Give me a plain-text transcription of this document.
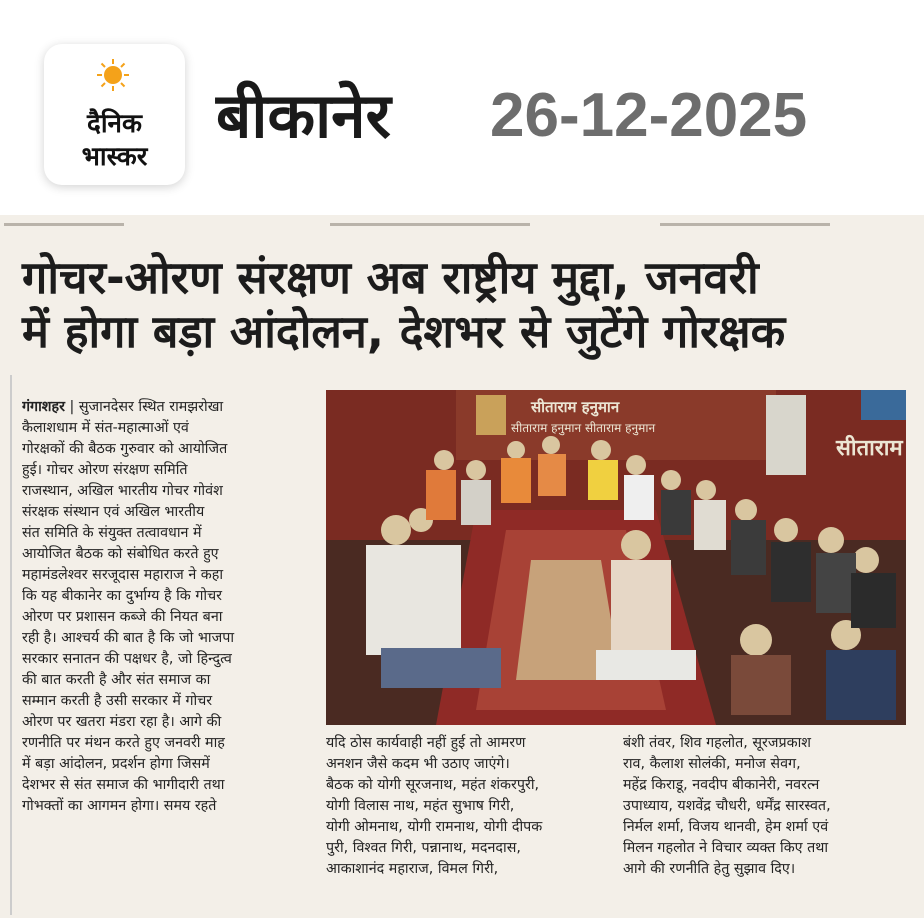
दैनिक
भास्कर
बीकानेर 26-12-2025
गोचर-ओरण संरक्षण अब राष्ट्रीय मुद्दा, जनवरी
में होगा बड़ा आंदोलन, देशभर से जुटेंगे गोरक्षक

गंगाशहर | सुजानदेसर स्थित रामझरोखा

कैलाशधाम में संत-महात्माओं एवं

गोरक्षकों की बैठक गुरुवार को आयोजित

हुई। गोचर ओरण संरक्षण समिति

राजस्थान, अखिल भारतीय गोचर गोवंश

संरक्षक संस्थान एवं अखिल भारतीय

संत समिति के संयुक्त तत्वावधान में

आयोजित बैठक को संबोधित करते हुए

महामंडलेश्वर सरजूदास महाराज ने कहा

कि यह बीकानेर का दुर्भाग्य है कि गोचर

ओरण पर प्रशासन कब्जे की नियत बना

रही है। आश्चर्य की बात है कि जो भाजपा

सरकार सनातन की पक्षधर है, जो हिन्दुत्व

की बात करती है और संत समाज का

सम्मान करती है उसी सरकार में गोचर

ओरण पर खतरा मंडरा रहा है। आगे की

रणनीति पर मंथन करते हुए जनवरी माह

में बड़ा आंदोलन, प्रदर्शन होगा जिसमें

देशभर से संत समाज की भागीदारी तथा

गोभक्तों का आगमन होगा। समय रहते

सीताराम हनुमान
सीताराम हनुमान सीताराम हनुमान
सीताराम

यदि ठोस कार्यवाही नहीं हुई तो आमरण

अनशन जैसे कदम भी उठाए जाएंगे।

बैठक को योगी सूरजनाथ, महंत शंकरपुरी,

योगी विलास नाथ, महंत सुभाष गिरी,

योगी ओमनाथ, योगी रामनाथ, योगी दीपक

पुरी, विश्वत गिरी, पन्नानाथ, मदनदास,

आकाशानंद महाराज, विमल गिरी,

बंशी तंवर, शिव गहलोत, सूरजप्रकाश

राव, कैलाश सोलंकी, मनोज सेवग,

महेंद्र किराडू, नवदीप बीकानेरी, नवरत्न

उपाध्याय, यशवेंद्र चौधरी, धर्मेंद्र सारस्वत,

निर्मल शर्मा, विजय थानवी, हेम शर्मा एवं

मिलन गहलोत ने विचार व्यक्त किए तथा

आगे की रणनीति हेतु सुझाव दिए।
